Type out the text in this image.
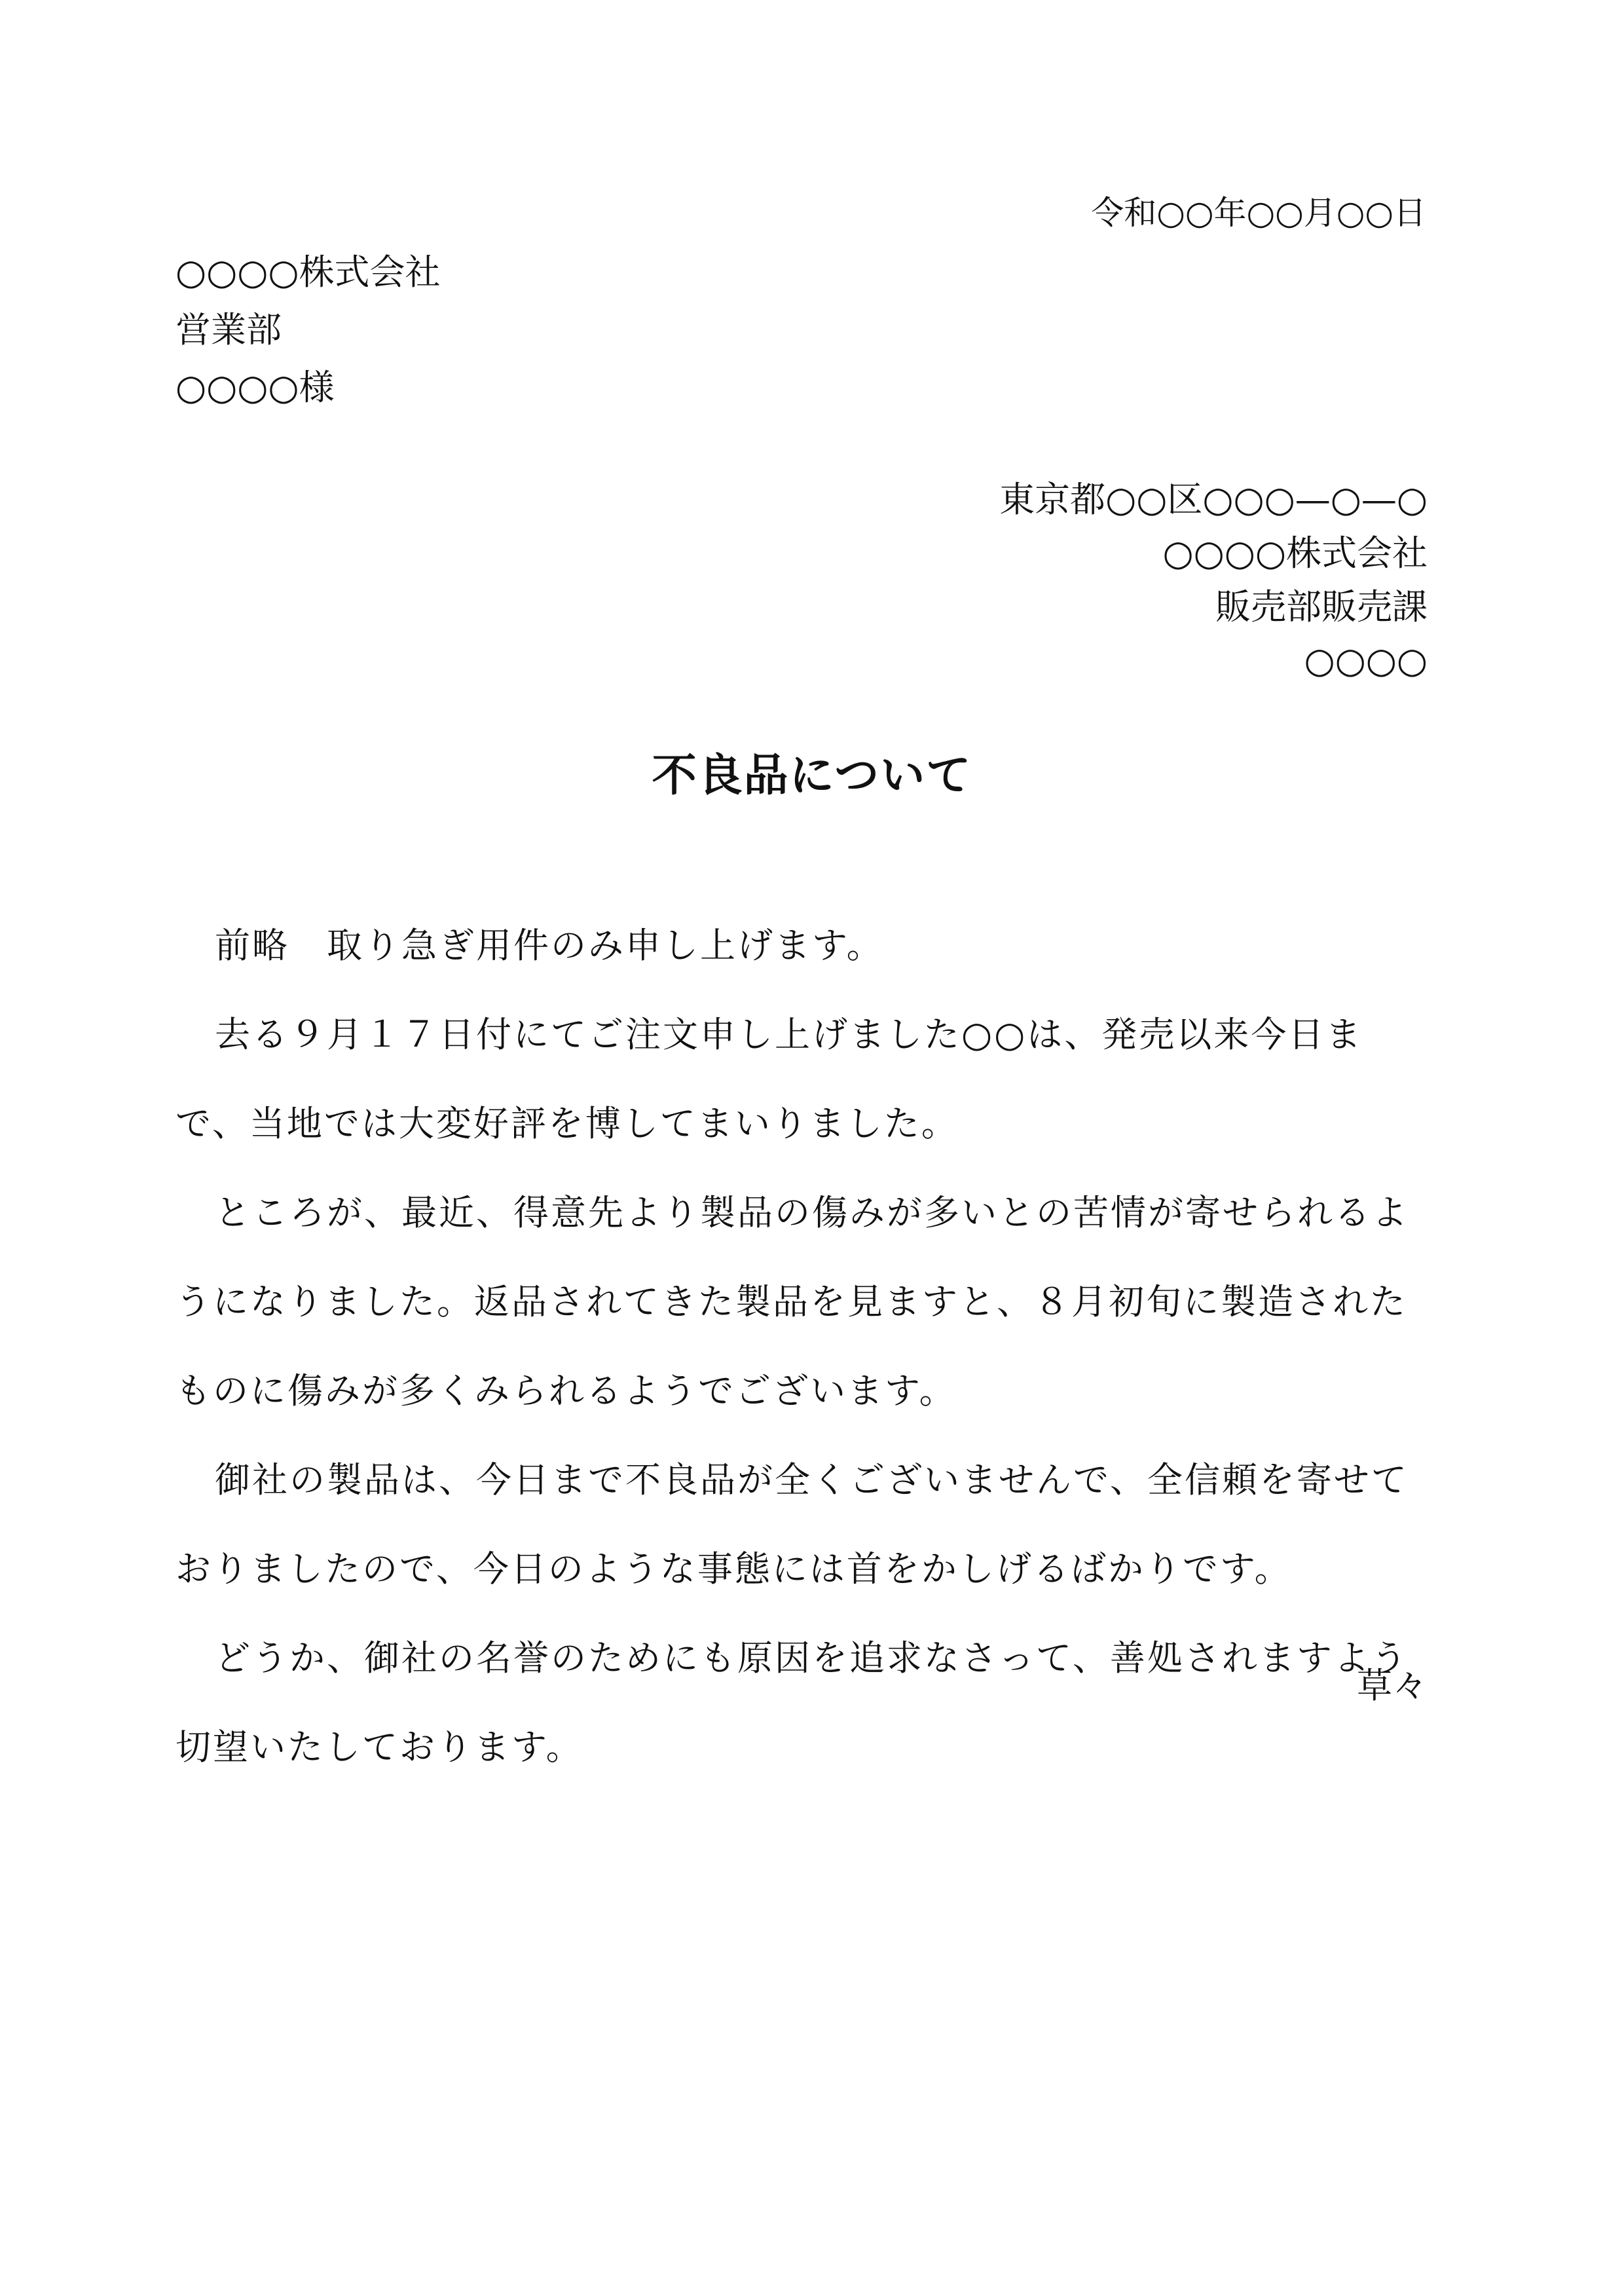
令和○○年○○月○○日
○○○○株式会社
営業部
○○○○様
東京都○○区○○○—○—○
○○○○株式会社
販売部販売課
○○○○
不良品について

前略　取り急ぎ用件のみ申し上げます。

去る９月１７日付にてご注文申し上げました○○は、発売以来今日まで、当地では大変好評を博してまいりました。

ところが、最近、得意先より製品の傷みが多いとの苦情が寄せられるようになりました。返品されてきた製品を見ますと、８月初旬に製造されたものに傷みが多くみられるようでございます。

御社の製品は、今日まで不良品が全くございませんで、全信頼を寄せておりましたので、今日のような事態には首をかしげるばかりです。

どうか、御社の名誉のためにも原因を追求なさって、善処されますよう切望いたしております。

草々
